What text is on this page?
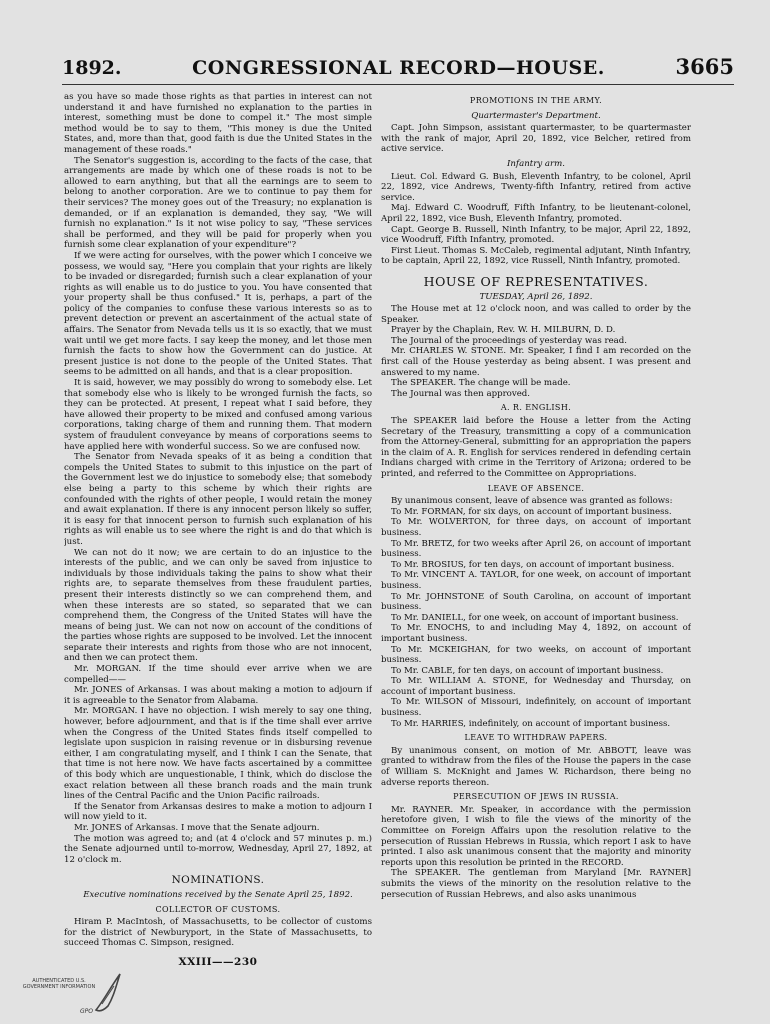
1892.	CONGRESSIONAL RECORD—HOUSE.	3665

as you have so made those rights as that parties in interest can not understand it and have furnished no explanation to the parties in interest, something must be done to compel it." The most simple method would be to say to them, "This money is due the United States, and, more than that, good faith is due the United States in the management of these roads."

The Senator's suggestion is, according to the facts of the case, that arrangements are made by which one of these roads is not to be allowed to earn anything, but that all the earnings are to seem to belong to another corporation. Are we to continue to pay them for their services? The money goes out of the Treasury; no explanation is demanded, or if an explanation is demanded, they say, "We will furnish no explanation." Is it not wise policy to say, "These services shall be performed, and they will be paid for properly when you furnish some clear explanation of your expenditure"?

If we were acting for ourselves, with the power which I conceive we possess, we would say, "Here you complain that your rights are likely to be invaded or disregarded; furnish such a clear explanation of your rights as will enable us to do justice to you. You have consented that your property shall be thus confused." It is, perhaps, a part of the policy of the companies to confuse these various interests so as to prevent detection or prevent an ascertainment of the actual state of affairs. The Senator from Nevada tells us it is so exactly, that we must wait until we get more facts. I say keep the money, and let those men furnish the facts to show how the Government can do justice. At present justice is not done to the people of the United States. That seems to be admitted on all hands, and that is a clear proposition.

It is said, however, we may possibly do wrong to somebody else. Let that somebody else who is likely to be wronged furnish the facts, so they can be protected. At present, I repeat what I said before, they have allowed their property to be mixed and confused among various corporations, taking charge of them and running them. That modern system of fraudulent conveyance by means of corporations seems to have applied here with wonderful success. So we are confused now.

The Senator from Nevada speaks of it as being a condition that compels the United States to submit to this injustice on the part of the Government lest we do injustice to somebody else; that somebody else being a party to this scheme by which their rights are confounded with the rights of other people, I would retain the money and await explanation. If there is any innocent person likely so suffer, it is easy for that innocent person to furnish such explanation of his rights as will enable us to see where the right is and do that which is just.

We can not do it now; we are certain to do an injustice to the interests of the public, and we can only be saved from injustice to individuals by those individuals taking the pains to show what their rights are, to separate themselves from these fraudulent parties, present their interests distinctly so we can comprehend them, and when these interests are so stated, so separated that we can comprehend them, the Congress of the United States will have the means of being just. We can not now on account of the conditions of the parties whose rights are supposed to be involved. Let the innocent separate their interests and rights from those who are not innocent, and then we can protect them.

Mr. MORGAN. If the time should ever arrive when we are compelled——

Mr. JONES of Arkansas. I was about making a motion to adjourn if it is agreeable to the Senator from Alabama.

Mr. MORGAN. I have no objection. I wish merely to say one thing, however, before adjournment, and that is if the time shall ever arrive when the Congress of the United States finds itself compelled to legislate upon suspicion in raising revenue or in disbursing revenue either, I am congratulating myself, and I think I can the Senate, that that time is not here now. We have facts ascertained by a committee of this body which are unquestionable, I think, which do disclose the exact relation between all these branch roads and the main trunk lines of the Central Pacific and the Union Pacific railroads.

If the Senator from Arkansas desires to make a motion to adjourn I will now yield to it.

Mr. JONES of Arkansas. I move that the Senate adjourn.

The motion was agreed to; and (at 4 o'clock and 57 minutes p. m.) the Senate adjourned until to-morrow, Wednesday, April 27, 1892, at 12 o'clock m.

NOMINATIONS.

Executive nominations received by the Senate April 25, 1892.

COLLECTOR OF CUSTOMS.

Hiram P. MacIntosh, of Massachusetts, to be collector of customs for the district of Newburyport, in the State of Massachusetts, to succeed Thomas C. Simpson, resigned.

XXIII——230

PROMOTIONS IN THE ARMY.

Quartermaster's Department.

Capt. John Simpson, assistant quartermaster, to be quartermaster with the rank of major, April 20, 1892, vice Belcher, retired from active service.

Infantry arm.

Lieut. Col. Edward G. Bush, Eleventh Infantry, to be colonel, April 22, 1892, vice Andrews, Twenty-fifth Infantry, retired from active service.

Maj. Edward C. Woodruff, Fifth Infantry, to be lieutenant-colonel, April 22, 1892, vice Bush, Eleventh Infantry, promoted.

Capt. George B. Russell, Ninth Infantry, to be major, April 22, 1892, vice Woodruff, Fifth Infantry, promoted.

First Lieut. Thomas S. McCaleb, regimental adjutant, Ninth Infantry, to be captain, April 22, 1892, vice Russell, Ninth Infantry, promoted.

HOUSE OF REPRESENTATIVES.

TUESDAY, April 26, 1892.

The House met at 12 o'clock noon, and was called to order by the Speaker.

Prayer by the Chaplain, Rev. W. H. MILBURN, D. D.

The Journal of the proceedings of yesterday was read.

Mr. CHARLES W. STONE. Mr. Speaker, I find I am recorded on the first call of the House yesterday as being absent. I was present and answered to my name.

The SPEAKER. The change will be made.

The Journal was then approved.

A. R. ENGLISH.

The SPEAKER laid before the House a letter from the Acting Secretary of the Treasury, transmitting a copy of a communication from the Attorney-General, submitting for an appropriation the papers in the claim of A. R. English for services rendered in defending certain Indians charged with crime in the Territory of Arizona; ordered to be printed, and referred to the Committee on Appropriations.

LEAVE OF ABSENCE.

By unanimous consent, leave of absence was granted as follows:

To Mr. FORMAN, for six days, on account of important business.

To Mr. WOLVERTON, for three days, on account of important business.

To Mr. BRETZ, for two weeks after April 26, on account of important business.

To Mr. BROSIUS, for ten days, on account of important business.

To Mr. VINCENT A. TAYLOR, for one week, on account of important business.

To Mr. JOHNSTONE of South Carolina, on account of important business.

To Mr. DANIELL, for one week, on account of important business.

To Mr. ENOCHS, to and including May 4, 1892, on account of important business.

To Mr. MCKEIGHAN, for two weeks, on account of important business.

To Mr. CABLE, for ten days, on account of important business.

To Mr. WILLIAM A. STONE, for Wednesday and Thursday, on account of important business.

To Mr. WILSON of Missouri, indefinitely, on account of important business.

To Mr. HARRIES, indefinitely, on account of important business.

LEAVE TO WITHDRAW PAPERS.

By unanimous consent, on motion of Mr. ABBOTT, leave was granted to withdraw from the files of the House the papers in the case of William S. McKnight and James W. Richardson, there being no adverse reports thereon.

PERSECUTION OF JEWS IN RUSSIA.

Mr. RAYNER. Mr. Speaker, in accordance with the permission heretofore given, I wish to file the views of the minority of the Committee on Foreign Affairs upon the resolution relative to the persecution of Russian Hebrews in Russia, which report I ask to have printed. I also ask unanimous consent that the majority and minority reports upon this resolution be printed in the RECORD.

The SPEAKER. The gentleman from Maryland [Mr. RAYNER] submits the views of the minority on the resolution relative to the persecution of Russian Hebrews, and also asks unanimous

AUTHENTICATED U.S. GOVERNMENT INFORMATION
GPO
